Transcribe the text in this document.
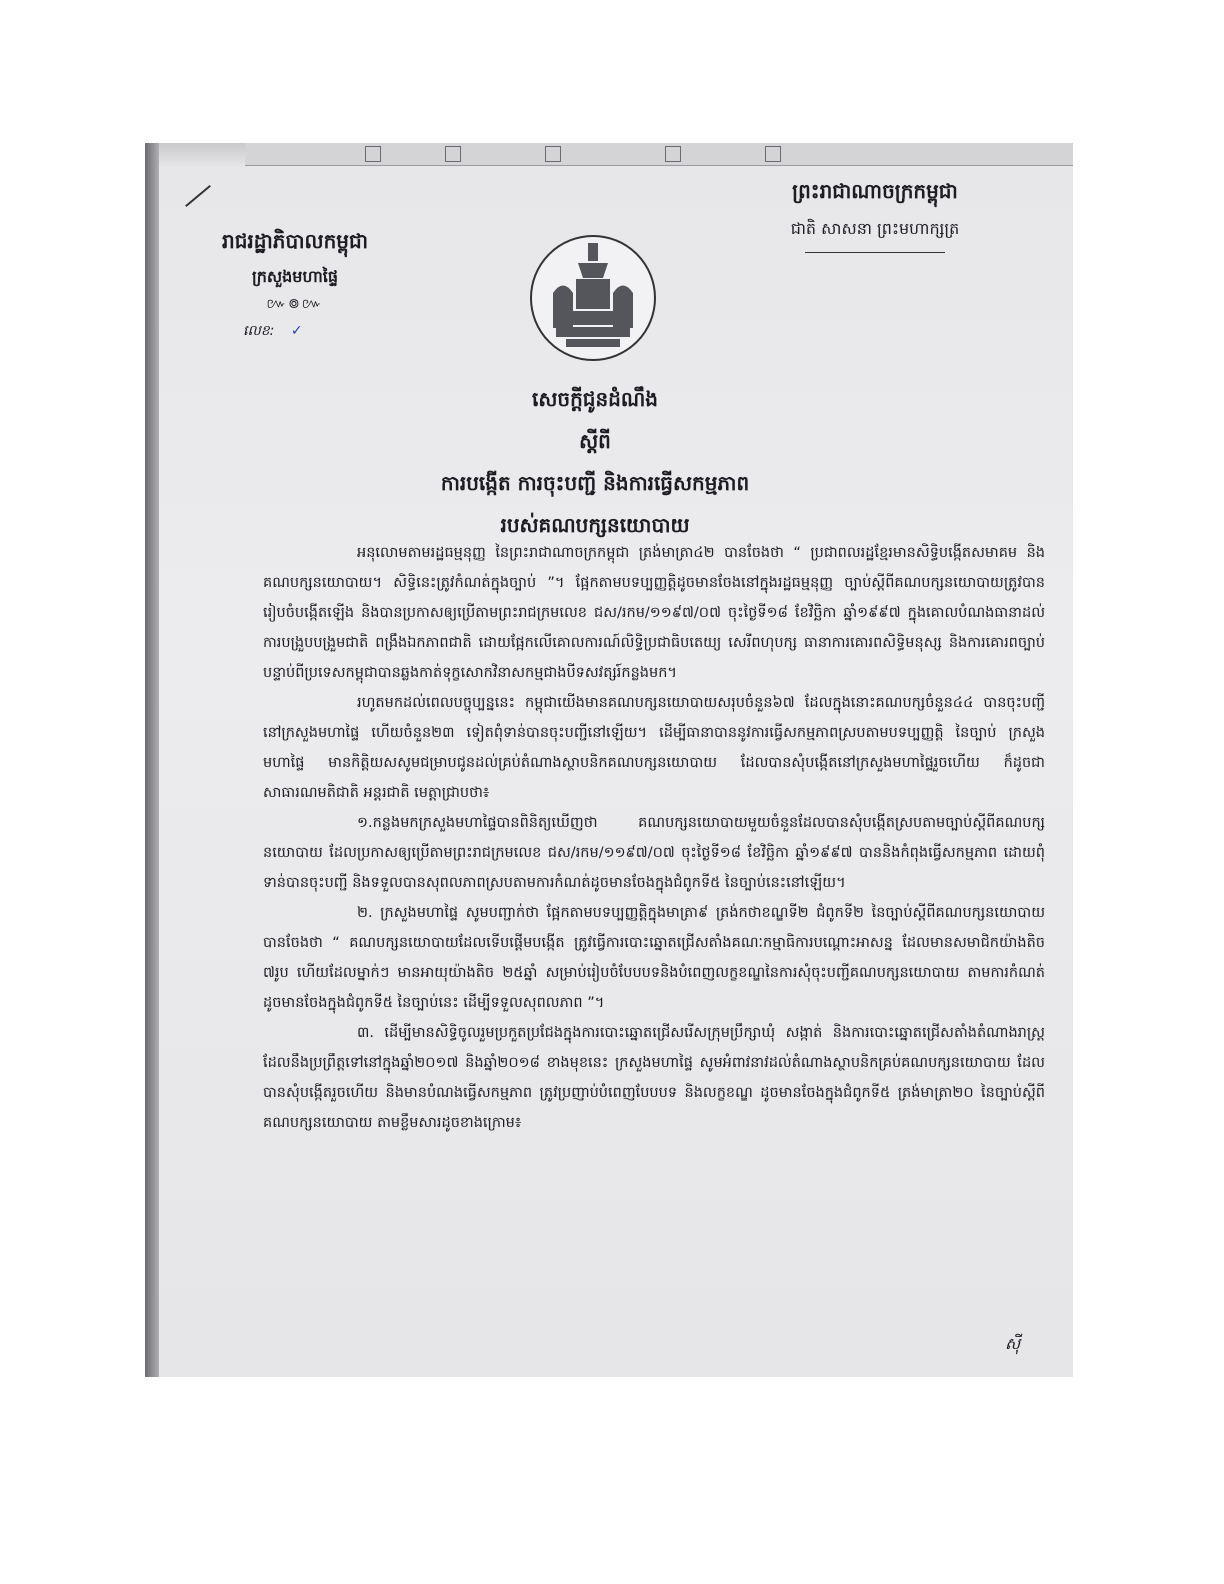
រាជរដ្ឋាភិបាលកម្ពុជា
ក្រសួងមហាផ្ទៃ
៚៙៚
លេខ: ✓
ព្រះរាជាណាចក្រកម្ពុជា
ជាតិ សាសនា ព្រះមហាក្សត្រ
សេចក្តីជូនដំណឹង
ស្តីពី
ការបង្កើត ការចុះបញ្ជី និងការធ្វើសកម្មភាព
របស់គណបក្សនយោបាយ

អនុលោមតាមរដ្ឋធម្មនុញ្ញ នៃព្រះរាជាណាចក្រកម្ពុជា ត្រង់មាត្រា៤២ បានចែងថា “ ប្រជាពលរដ្ឋខ្មែរមានសិទ្ធិបង្កើតសមាគម និងគណបក្សនយោបាយ។ សិទ្ធិនេះត្រូវកំណត់ក្នុងច្បាប់ ”។ ផ្អែកតាមបទប្បញ្ញត្តិដូចមានចែងនៅក្នុងរដ្ឋធម្មនុញ្ញ ច្បាប់ស្តីពីគណបក្សនយោបាយត្រូវបានរៀបចំបង្កើតឡើង និងបានប្រកាសឲ្យប្រើតាមព្រះរាជក្រមលេខ ជស/រកម/១១៩៧/០៧ ចុះថ្ងៃទី១៨ ខែវិច្ឆិកា ឆ្នាំ១៩៩៧ ក្នុងគោលបំណងធានាដល់ការបង្រួបបង្រួមជាតិ ពង្រឹងឯកភាពជាតិ ដោយផ្អែកលើគោលការណ៍លិទ្ធិប្រជាធិបតេយ្យ សេរីពហុបក្ស ធានាការគោរពសិទ្ធិមនុស្ស និងការគោរពច្បាប់ បន្ទាប់ពីប្រទេសកម្ពុជាបានឆ្លងកាត់ទុក្ខសោកវិនាសកម្មជាងបីទសវត្សរ៍កន្លងមក។

រហូតមកដល់ពេលបច្ចុប្បន្ននេះ កម្ពុជាយើងមានគណបក្សនយោបាយសរុបចំនួន៦៧ ដែលក្នុងនោះគណបក្សចំនួន៤៤ បានចុះបញ្ជីនៅក្រសួងមហាផ្ទៃ ហើយចំនួន២៣ ទៀតពុំទាន់បានចុះបញ្ជីនៅឡើយ។ ដើម្បីធានាបាននូវការធ្វើសកម្មភាពស្របតាមបទប្បញ្ញត្តិ នៃច្បាប់ ក្រសួងមហាផ្ទៃ មានកិត្តិយសសូមជម្រាបជូនដល់គ្រប់តំណាងស្ថាបនិកគណបក្សនយោបាយ ដែលបានសុំបង្កើតនៅក្រសួងមហាផ្ទៃរួចហើយ ក៏ដូចជាសាធារណមតិជាតិ អន្តរជាតិ មេត្តាជ្រាបថា៖

១.កន្លងមកក្រសួងមហាផ្ទៃបានពិនិត្យឃើញថា គណបក្សនយោបាយមួយចំនួនដែលបានសុំបង្កើតស្របតាមច្បាប់ស្តីពីគណបក្សនយោបាយ ដែលប្រកាសឲ្យប្រើតាមព្រះរាជក្រមលេខ ជស/រកម/១១៩៧/០៧ ចុះថ្ងៃទី១៨ ខែវិច្ឆិកា ឆ្នាំ១៩៩៧ បាននិងកំពុងធ្វើសកម្មភាព ដោយពុំទាន់បានចុះបញ្ជី និងទទួលបានសុពលភាពស្របតាមការកំណត់ដូចមានចែងក្នុងជំពូកទី៥ នៃច្បាប់នេះនៅឡើយ។

២. ក្រសួងមហាផ្ទៃ សូមបញ្ជាក់ថា ផ្អែកតាមបទប្បញ្ញត្តិក្នុងមាត្រា៩ ត្រង់កថាខណ្ឌទី២ ជំពូកទី២ នៃច្បាប់ស្តីពីគណបក្សនយោបាយ បានចែងថា “ គណបក្សនយោបាយដែលទើបផ្តើមបង្កើត ត្រូវធ្វើការបោះឆ្នោតជ្រើសតាំងគណៈកម្មាធិការបណ្តោះអាសន្ន ដែលមានសមាជិកយ៉ាងតិច ៧រូប ហើយដែលម្នាក់ៗ មានអាយុយ៉ាងតិច ២៥ឆ្នាំ សម្រាប់រៀបចំបែបបទនិងបំពេញលក្ខខណ្ឌនៃការសុំចុះបញ្ជីគណបក្សនយោបាយ តាមការកំណត់ដូចមានចែងក្នុងជំពូកទី៥ នៃច្បាប់នេះ ដើម្បីទទួលសុពលភាព ”។

៣. ដើម្បីមានសិទ្ធិចូលរួមប្រកួតប្រជែងក្នុងការបោះឆ្នោតជ្រើសរើសក្រុមប្រឹក្សាឃុំ សង្កាត់ និងការបោះឆ្នោតជ្រើសតាំងតំណាងរាស្ត្រ ដែលនឹងប្រព្រឹត្តទៅនៅក្នុងឆ្នាំ២០១៧ និងឆ្នាំ២០១៨ ខាងមុខនេះ ក្រសួងមហាផ្ទៃ សូមអំពាវនាវដល់តំណាងស្ថាបនិកគ្រប់គណបក្សនយោបាយ ដែលបានសុំបង្កើតរួចហើយ និងមានបំណងធ្វើសកម្មភាព ត្រូវប្រញាប់បំពេញបែបបទ និងលក្ខខណ្ឌ ដូចមានចែងក្នុងជំពូកទី៥ ត្រង់មាត្រា២០ នៃច្បាប់ស្តីពីគណបក្សនយោបាយ តាមខ្លឹមសារដូចខាងក្រោម៖

ស៊ី
